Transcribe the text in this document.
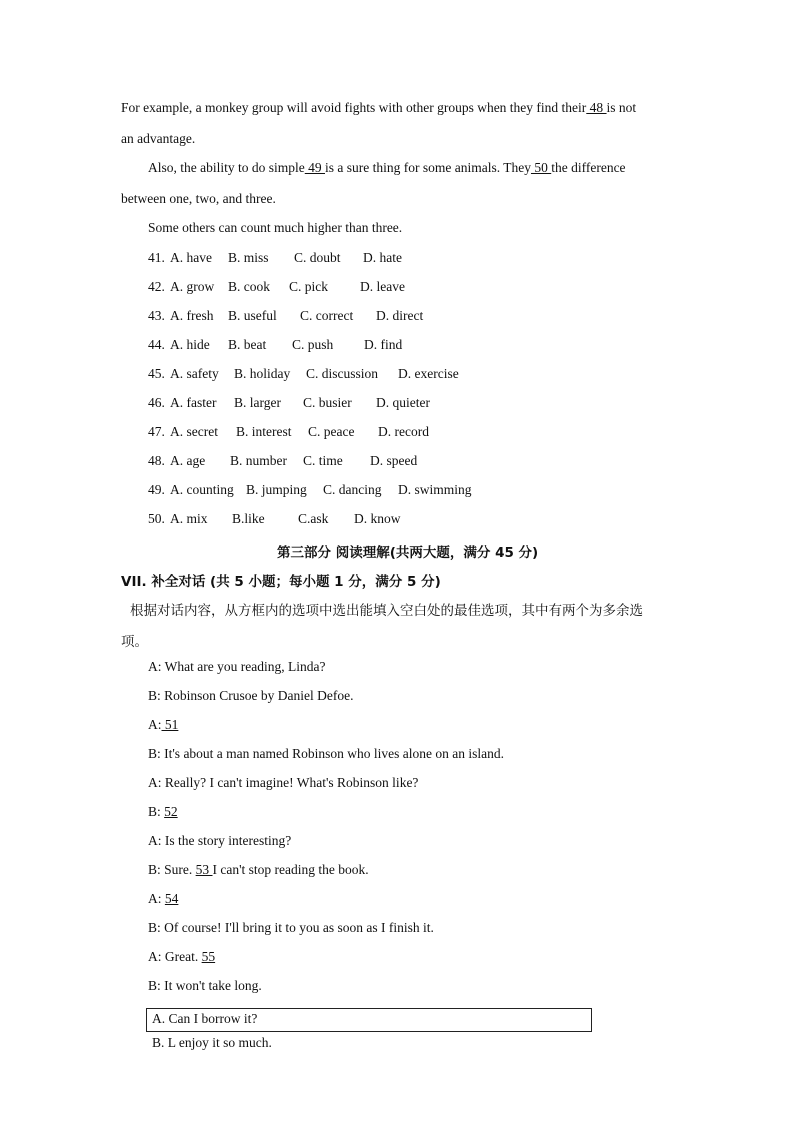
For example, a monkey group will avoid fights with other groups when they find their 48 is not
an advantage.
Also, the ability to do simple 49 is a sure thing for some animals. They 50 the difference
between one, two, and three.
Some others can count much higher than three.
41. A. have B. miss C. doubt D. hate
42. A. grow B. cook C. pick D. leave
43. A. fresh B. useful C. correct D. direct
44. A. hide B. beat C. push D. find
45. A. safety B. holiday C. discussion D. exercise
46. A. faster B. larger C. busier D. quieter
47. A. secret B. interest C. peace D. record
48. A. age B. number C. time D. speed
49. A. counting B. jumping C. dancing D. swimming
50. A. mix B.like C.ask D. know
第三部分 阅读理解(共两大题，满分 45 分)
VII. 补全对话 (共 5 小题；每小题 1 分，满分 5 分)
根据对话内容，从方框内的选项中选出能填入空白处的最佳选项，其中有两个为多余选
项。
A: What are you reading, Linda?
B: Robinson Crusoe by Daniel Defoe.
A: 51
B: It's about a man named Robinson who lives alone on an island.
A: Really? I can't imagine! What's Robinson like?
B: 52
A: Is the story interesting?
B: Sure. 53 I can't stop reading the book.
A: 54
B: Of course! I'll bring it to you as soon as I finish it.
A: Great. 55
B: It won't take long.
A. Can I borrow it?
B. L enjoy it so much.
